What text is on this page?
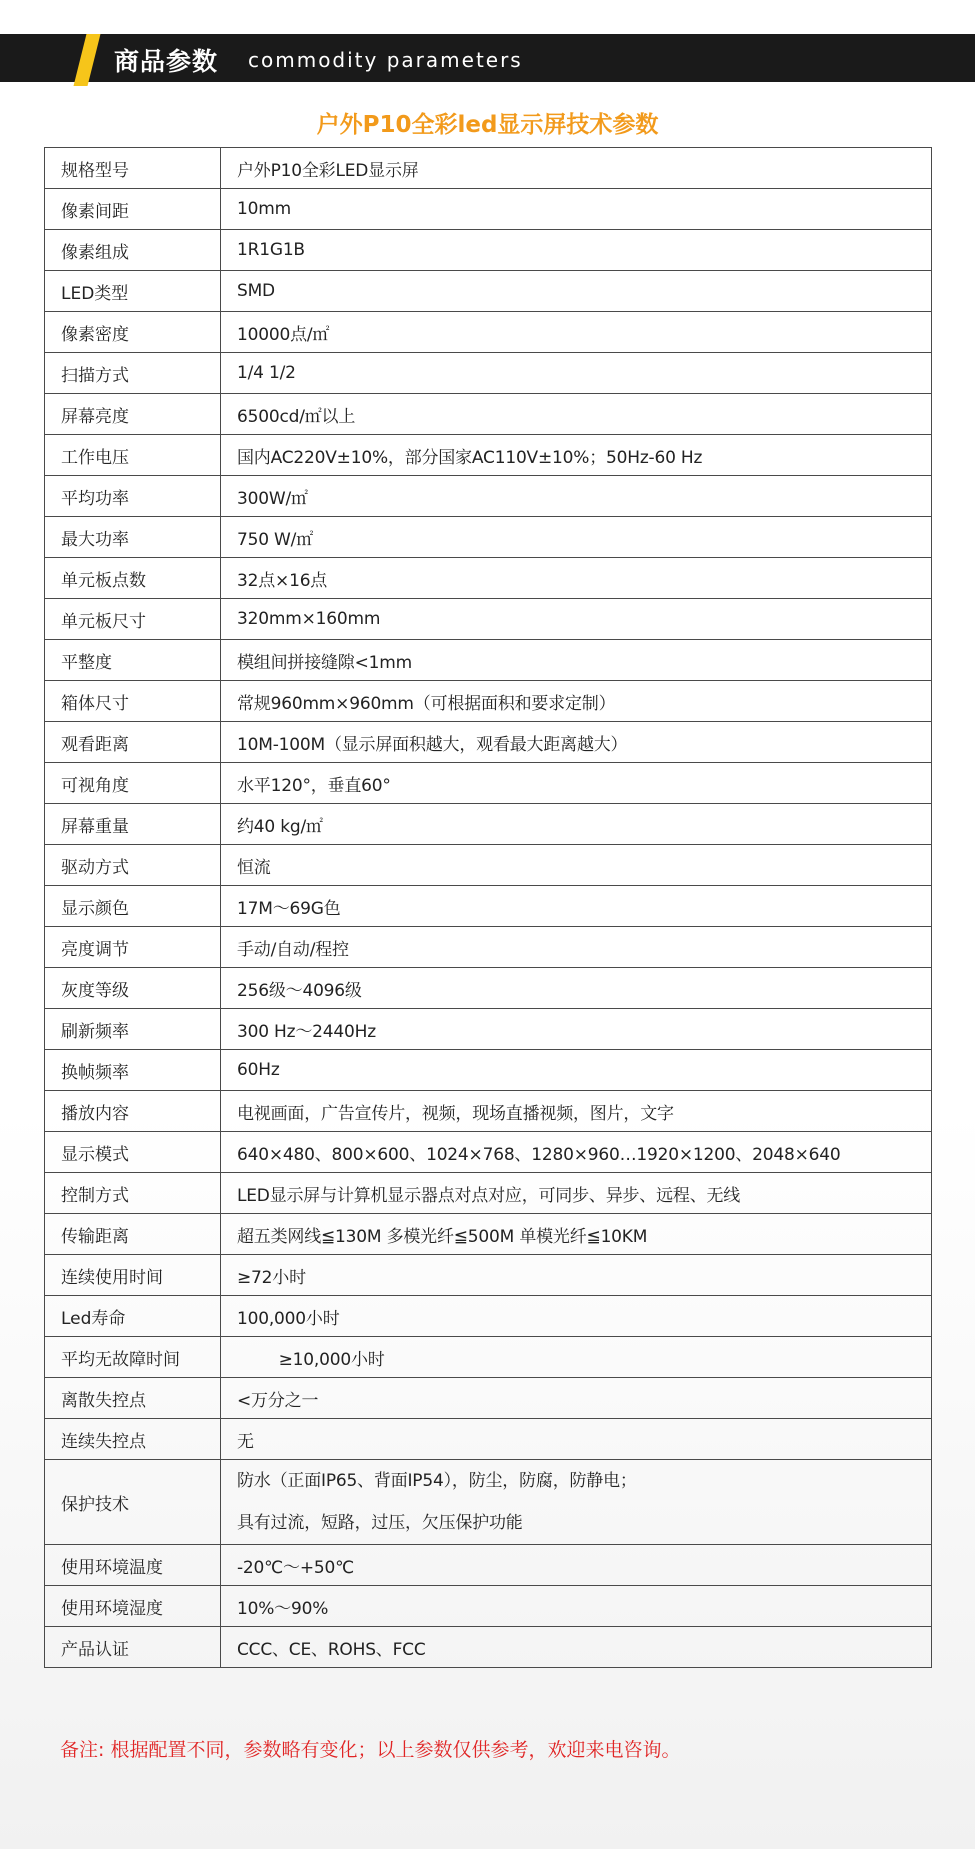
商品参数 commodity parameters
户外P10全彩led显示屏技术参数
规格型号	户外P10全彩LED显示屏
像素间距	10mm
像素组成	1R1G1B
LED类型	SMD
像素密度	10000点/㎡
扫描方式	1/4 1/2
屏幕亮度	6500cd/㎡以上
工作电压	国内AC220V±10%，部分国家AC110V±10%；50Hz-60 Hz
平均功率	300W/㎡
最大功率	750 W/㎡
单元板点数	32点×16点
单元板尺寸	320mm×160mm
平整度	模组间拼接缝隙<1mm
箱体尺寸	常规960mm×960mm（可根据面积和要求定制）
观看距离	10M-100M（显示屏面积越大，观看最大距离越大）
可视角度	水平120°，垂直60°
屏幕重量	约40 kg/㎡
驱动方式	恒流
显示颜色	17M～69G色
亮度调节	手动/自动/程控
灰度等级	256级～4096级
刷新频率	300 Hz～2440Hz
换帧频率	60Hz
播放内容	电视画面，广告宣传片，视频，现场直播视频，图片，文字
显示模式	640×480、800×600、1024×768、1280×960…1920×1200、2048×640
控制方式	LED显示屏与计算机显示器点对点对应，可同步、异步、远程、无线
传输距离	超五类网线≦130M 多模光纤≦500M 单模光纤≦10KM
连续使用时间	≥72小时
Led寿命	100,000小时
平均无故障时间	≥10,000小时
离散失控点	<万分之一
连续失控点	无
保护技术	防水（正面IP65、背面IP54），防尘，防腐，防静电；
具有过流，短路，过压，欠压保护功能

使用环境温度	-20℃～+50℃
使用环境湿度	10%～90%
产品认证	CCC、CE、ROHS、FCC
备注: 根据配置不同，参数略有变化；以上参数仅供参考，欢迎来电咨询。
